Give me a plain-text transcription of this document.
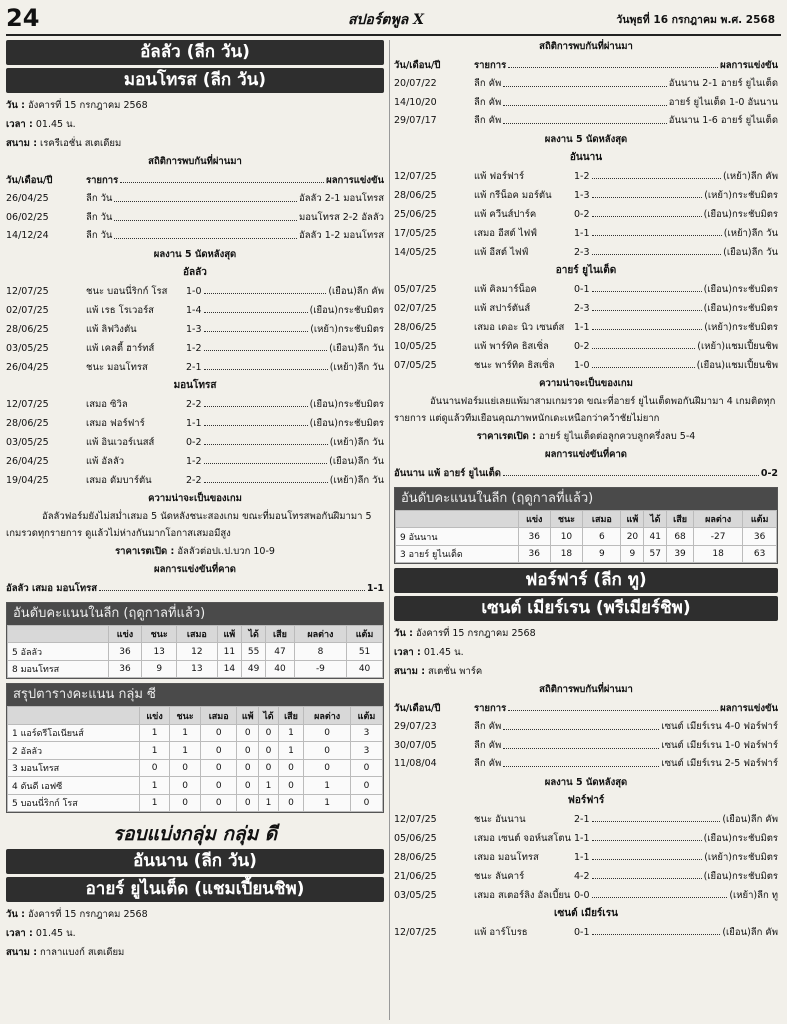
24	สปอร์ตพูล X	วันพุธที่ 16 กรกฎาคม พ.ศ. 2568
อัลลัว (ลีก วัน)
มอนโทรส (ลีก วัน)
วัน : อังคารที่ 15 กรกฎาคม 2568
เวลา : 01.45 น.
สนาม : เรครีเอชั่น สเตเดียม
สถิติการพบกันที่ผ่านมา
วัน/เดือน/ปี	รายการ	ผลการแข่งขัน
26/04/25	ลีก วัน	อัลลัว 2-1 มอนโทรส
06/02/25	ลีก วัน	มอนโทรส 2-2 อัลลัว
14/12/24	ลีก วัน	อัลลัว 1-2 มอนโทรส
ผลงาน 5 นัดหลังสุด
อัลลัว
12/07/25	ชนะ บอนนี่ริกก์ โรส	1-0	(เยือน) ลีก คัพ
02/07/25	แพ้ เรธ โรเวอร์ส	1-4	(เยือน) กระชับมิตร
28/06/25	แพ้ ลิฟวิงตัน	1-3	(เหย้า) กระชับมิตร
03/05/25	แพ้ เคลตี้ ฮาร์ทส์	1-2	(เยือน) ลีก วัน
26/04/25	ชนะ มอนโทรส	2-1	(เหย้า) ลีก วัน
มอนโทรส
12/07/25	เสมอ ซิวิล	2-2	(เยือน) กระชับมิตร
28/06/25	เสมอ ฟอร์ฟาร์	1-1	(เยือน) กระชับมิตร
03/05/25	แพ้ อินเวอร์เนสส์	0-2	(เหย้า) ลีก วัน
26/04/25	แพ้ อัลลัว	1-2	(เยือน) ลีก วัน
19/04/25	เสมอ ดัมบาร์ตัน	2-2	(เหย้า) ลีก วัน
ความน่าจะเป็นของเกม
อัลลัวฟอร์มยังไม่สม่ำเสมอ 5 นัดหลังชนะสองเกม ขณะที่มอนโทรสพอกันฝีมามา 5 เกมรวดทุกรายการ ดูแล้วไม่ห่างกันมากโอกาสเสมอมีสูง
ราคาเรตเปิด : อัลลัวต่อปเ.ป.บวก 10-9
ผลการแข่งขันที่คาด
อัลลัว เสมอ มอนโทรส	1-1
อันดับคะแนนในลีก (ฤดูกาลที่แล้ว)
	แข่ง	ชนะ	เสมอ	แพ้	ได้	เสีย	ผลต่าง	แต้ม
5 อัลลัว	36	13	12	11	55	47	8	51
8 มอนโทรส	36	9	13	14	49	40	-9	40
สรุปตารางคะแนน กลุ่ม ซี
	แข่ง	ชนะ	เสมอ	แพ้	ได้	เสีย	ผลต่าง	แต้ม
1 แอร์ดรีโอเนียนส์	1	1	0	0	0	1	0	3
2 อัลลัว	1	1	0	0	0	1	0	3
3 มอนโทรส	0	0	0	0	0	0	0	0
4 ดันดี เอฟซี	1	0	0	0	1	0	1	0
5 บอนนี่ริกก์ โรส	1	0	0	0	1	0	1	0
รอบแบ่งกลุ่ม กลุ่ม ดี
อันนาน (ลีก วัน)
อายร์ ยูไนเต็ด (แชมเปี้ยนชิพ)
วัน : อังคารที่ 15 กรกฎาคม 2568
เวลา : 01.45 น.
สนาม : กาลาแบงก์ สเตเดียม
สถิติการพบกันที่ผ่านมา
วัน/เดือน/ปี	รายการ	ผลการแข่งขัน
20/07/22	ลีก คัพ	อันนาน 2-1 อายร์ ยูไนเต็ด
14/10/20	ลีก คัพ	อายร์ ยูไนเต็ด 1-0 อันนาน
29/07/17	ลีก คัพ	อันนาน 1-6 อายร์ ยูไนเต็ด
ผลงาน 5 นัดหลังสุด
อันนาน
12/07/25	แพ้ ฟอร์ฟาร์	1-2	(เหย้า) ลีก คัพ
28/06/25	แพ้ กรีน็อค มอร์ตัน	1-3	(เหย้า) กระชับมิตร
25/06/25	แพ้ ควีนส์ปาร์ค	0-2	(เยือน) กระชับมิตร
17/05/25	เสมอ อีสต์ ไฟฟ์	1-1	(เหย้า) ลีก วัน
14/05/25	แพ้ อีสต์ ไฟฟ์	2-3	(เยือน) ลีก วัน
อายร์ ยูไนเต็ด
05/07/25	แพ้ คิลมาร์น็อค	0-1	(เยือน) กระชับมิตร
02/07/25	แพ้ สปาร์ตันส์	2-3	(เยือน) กระชับมิตร
28/06/25	เสมอ เดอะ นิว เซนต์ส	1-1	(เหย้า) กระชับมิตร
10/05/25	แพ้ พาร์ทิค ธิสเซิ่ล	0-2	(เหย้า) แชมเปี้ยนชิพ
07/05/25	ชนะ พาร์ทิค ธิสเซิ่ล	1-0	(เยือน) แชมเปี้ยนชิพ
ความน่าจะเป็นของเกม
อันนานฟอร์มแย่เลยแพ้มาสามเกมรวด ขณะที่อายร์ ยูไนเต็ดพอกันฝีมามา 4 เกมติดทุกรายการ แต่ดูแล้วทีมเยือนคุณภาพหนักเดะเหนือกว่าคว้าชัยไม่ยาก
ราคาเรตเปิด : อายร์ ยูไนเต็ดต่อลูกควบลูกครึ่งลบ 5-4
ผลการแข่งขันที่คาด
อันนาน แพ้ อายร์ ยูไนเต็ด	0-2
อันดับคะแนนในลีก (ฤดูกาลที่แล้ว)
	แข่ง	ชนะ	เสมอ	แพ้	ได้	เสีย	ผลต่าง	แต้ม
9 อันนาน	36	10	6	20	41	68	-27	36
3 อายร์ ยูไนเต็ด	36	18	9	9	57	39	18	63
ฟอร์ฟาร์ (ลีก ทู)
เซนต์ เมียร์เรน (พรีเมียร์ชิพ)
วัน : อังคารที่ 15 กรกฎาคม 2568
เวลา : 01.45 น.
สนาม : สเตชั่น พาร์ค
สถิติการพบกันที่ผ่านมา
วัน/เดือน/ปี	รายการ	ผลการแข่งขัน
29/07/23	ลีก คัพ	เซนต์ เมียร์เรน 4-0 ฟอร์ฟาร์
30/07/05	ลีก คัพ	เซนต์ เมียร์เรน 1-0 ฟอร์ฟาร์
11/08/04	ลีก คัพ	เซนต์ เมียร์เรน 2-5 ฟอร์ฟาร์
ผลงาน 5 นัดหลังสุด
ฟอร์ฟาร์
12/07/25	ชนะ อันนาน	2-1	(เยือน) ลีก คัพ
05/06/25	เสมอ เซนต์ จอห์นสโตน 1-1	(เยือน) กระชับมิตร
28/06/25	เสมอ มอนโทรส	1-1	(เหย้า) กระชับมิตร
21/06/25	ชนะ ลันคาร์	4-2	(เยือน) กระชับมิตร
03/05/25	เสมอ สเตอร์ลิง อัลเบี้ยน 0-0	(เหย้า) ลีก ทู
เซนต์ เมียร์เรน
12/07/25	แพ้ อาร์โบรธ	0-1	(เยือน) ลีก คัพ
